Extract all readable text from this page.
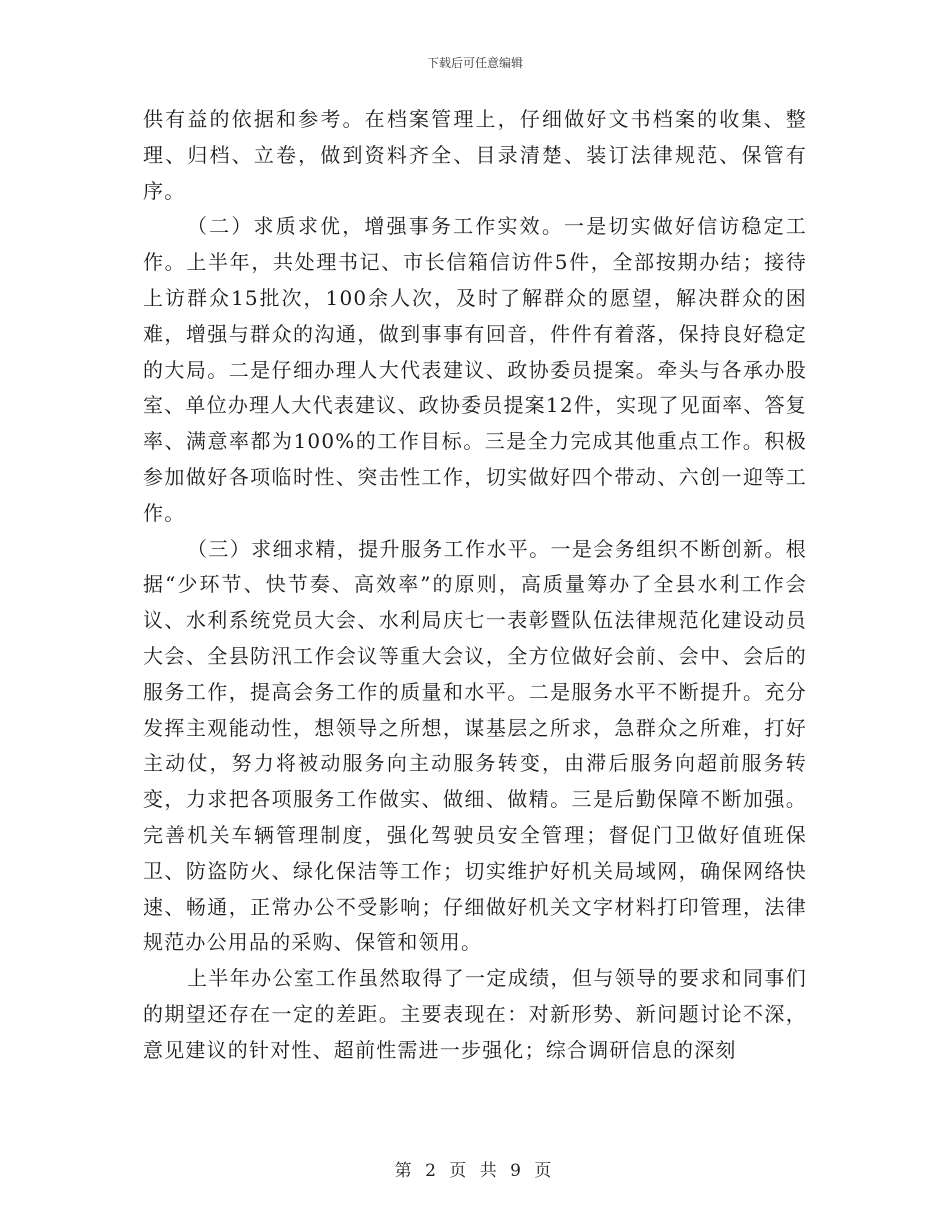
下载后可任意编辑

供有益的依据和参考。在档案管理上，仔细做好文书档案的收集、整理、归档、立卷，做到资料齐全、目录清楚、装订法律规范、保管有序。

（二）求质求优，增强事务工作实效。一是切实做好信访稳定工作。上半年，共处理书记、市长信箱信访件5件，全部按期办结；接待上访群众15批次，100余人次，及时了解群众的愿望，解决群众的困难，增强与群众的沟通，做到事事有回音，件件有着落，保持良好稳定的大局。二是仔细办理人大代表建议、政协委员提案。牵头与各承办股室、单位办理人大代表建议、政协委员提案12件，实现了见面率、答复率、满意率都为100%的工作目标。三是全力完成其他重点工作。积极参加做好各项临时性、突击性工作，切实做好四个带动、六创一迎等工作。

（三）求细求精，提升服务工作水平。一是会务组织不断创新。根据“少环节、快节奏、高效率”的原则，高质量筹办了全县水利工作会议、水利系统党员大会、水利局庆七一表彰暨队伍法律规范化建设动员大会、全县防汛工作会议等重大会议，全方位做好会前、会中、会后的服务工作，提高会务工作的质量和水平。二是服务水平不断提升。充分发挥主观能动性，想领导之所想，谋基层之所求，急群众之所难，打好主动仗，努力将被动服务向主动服务转变，由滞后服务向超前服务转变，力求把各项服务工作做实、做细、做精。三是后勤保障不断加强。完善机关车辆管理制度，强化驾驶员安全管理；督促门卫做好值班保卫、防盗防火、绿化保洁等工作；切实维护好机关局域网，确保网络快速、畅通，正常办公不受影响；仔细做好机关文字材料打印管理，法律规范办公用品的采购、保管和领用。

上半年办公室工作虽然取得了一定成绩，但与领导的要求和同事们的期望还存在一定的差距。主要表现在：对新形势、新问题讨论不深，意见建议的针对性、超前性需进一步强化；综合调研信息的深刻

第 2 页 共 9 页
